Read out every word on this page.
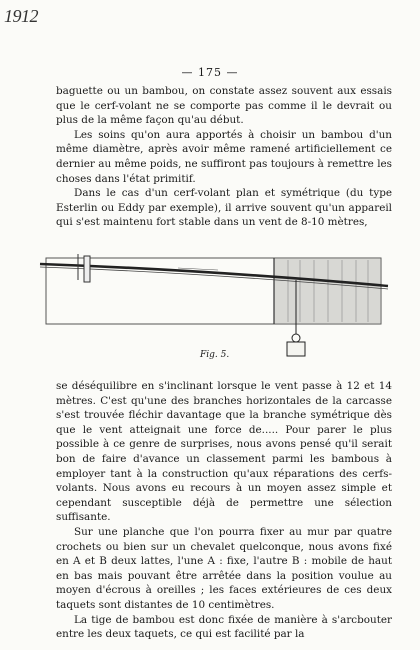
1912
— 175 —

baguette ou un bambou, on constate assez souvent aux essais que le cerf-volant ne se comporte pas comme il le devrait ou plus de la même façon qu'au début.

Les soins qu'on aura apportés à choisir un bambou d'un même diamètre, après avoir même ramené artificiellement ce dernier au même poids, ne suffiront pas toujours à remettre les choses dans l'état primitif.

Dans le cas d'un cerf-volant plan et symétrique (du type Esterlin ou Eddy par exemple), il arrive souvent qu'un appareil qui s'est maintenu fort stable dans un vent de 8-10 mètres,

Fig. 5.

se déséquilibre en s'inclinant lorsque le vent passe à 12 et 14 mètres. C'est qu'une des branches horizontales de la carcasse s'est trouvée fléchir davantage que la branche symétrique dès que le vent atteignait une force de..... Pour parer le plus possible à ce genre de surprises, nous avons pensé qu'il serait bon de faire d'avance un classement parmi les bambous à employer tant à la construction qu'aux réparations des cerfs-volants. Nous avons eu recours à un moyen assez simple et cependant susceptible déjà de permettre une sélection suffisante.

Sur une planche que l'on pourra fixer au mur par quatre crochets ou bien sur un chevalet quelconque, nous avons fixé en A et B deux lattes, l'une A : fixe, l'autre B : mobile de haut en bas mais pouvant être arrêtée dans la position voulue au moyen d'écrous à oreilles ; les faces extérieures de ces deux taquets sont distantes de 10 centimètres.

La tige de bambou est donc fixée de manière à s'arcbouter entre les deux taquets, ce qui est facilité par la
